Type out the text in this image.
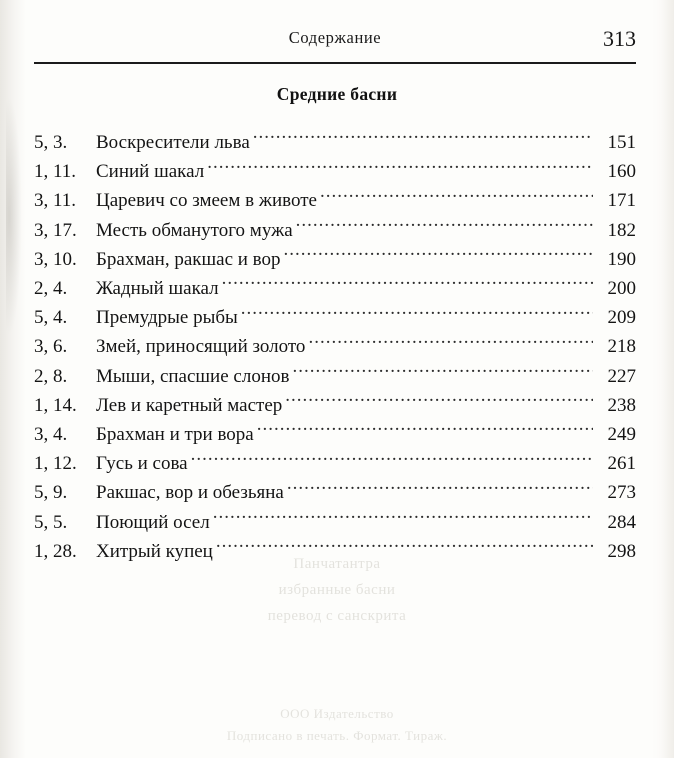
Содержание	313
Средние басни
5, 3.	Воскресители льва .....	151
1, 11.	Синий шакал .....	160
3, 11.	Царевич со змеем в животе .....	171
3, 17.	Месть обманутого мужа .....	182
3, 10.	Брахман, ракшас и вор .....	190
2, 4.	Жадный шакал .....	200
5, 4.	Премудрые рыбы .....	209
3, 6.	Змей, приносящий золото .....	218
2, 8.	Мыши, спасшие слонов .....	227
1, 14.	Лев и каретный мастер .....	238
3, 4.	Брахман и три вора .....	249
1, 12.	Гусь и сова .....	261
5, 9.	Ракшас, вор и обезьяна .....	273
5, 5.	Поющий осел .....	284
1, 28.	Хитрый купец .....	298
Панчатантра
избранные басни
перевод с санскрита
ООО Издательство
Подписано в печать. Формат. Тираж.
